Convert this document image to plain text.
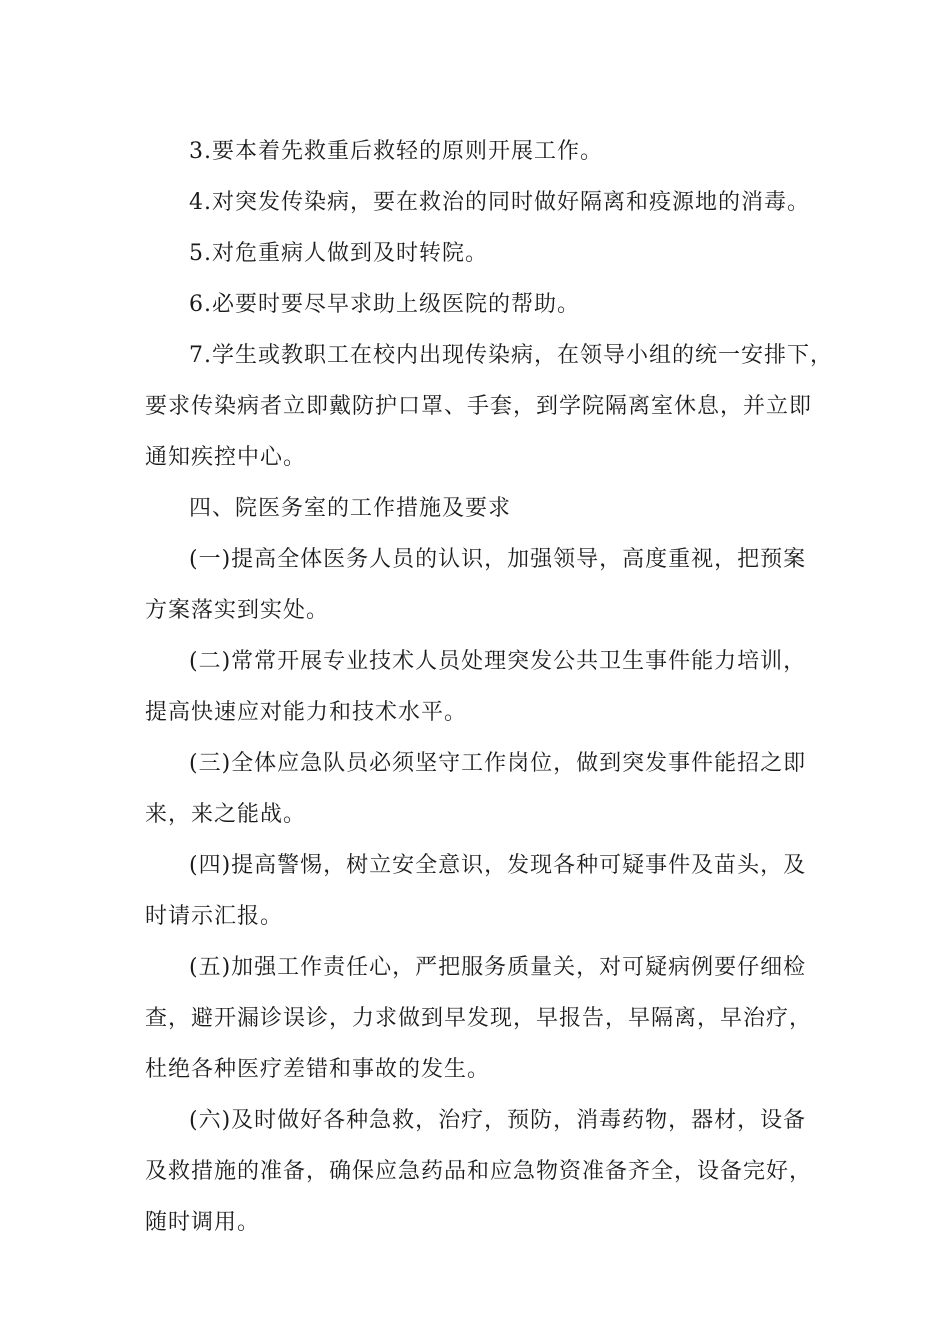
3.要本着先救重后救轻的原则开展工作。
4.对突发传染病，要在救治的同时做好隔离和疫源地的消毒。
5.对危重病人做到及时转院。
6.必要时要尽早求助上级医院的帮助。
7.学生或教职工在校内出现传染病，在领导小组的统一安排下，
要求传染病者立即戴防护口罩、手套，到学院隔离室休息，并立即
通知疾控中心。
四、院医务室的工作措施及要求
(一)提高全体医务人员的认识，加强领导，高度重视，把预案
方案落实到实处。
(二)常常开展专业技术人员处理突发公共卫生事件能力培训，
提高快速应对能力和技术水平。
(三)全体应急队员必须坚守工作岗位，做到突发事件能招之即
来，来之能战。
(四)提高警惕，树立安全意识，发现各种可疑事件及苗头，及
时请示汇报。
(五)加强工作责任心，严把服务质量关，对可疑病例要仔细检
查，避开漏诊误诊，力求做到早发现，早报告，早隔离，早治疗，
杜绝各种医疗差错和事故的发生。
(六)及时做好各种急救，治疗，预防，消毒药物，器材，设备
及救措施的准备，确保应急药品和应急物资准备齐全，设备完好，
随时调用。
